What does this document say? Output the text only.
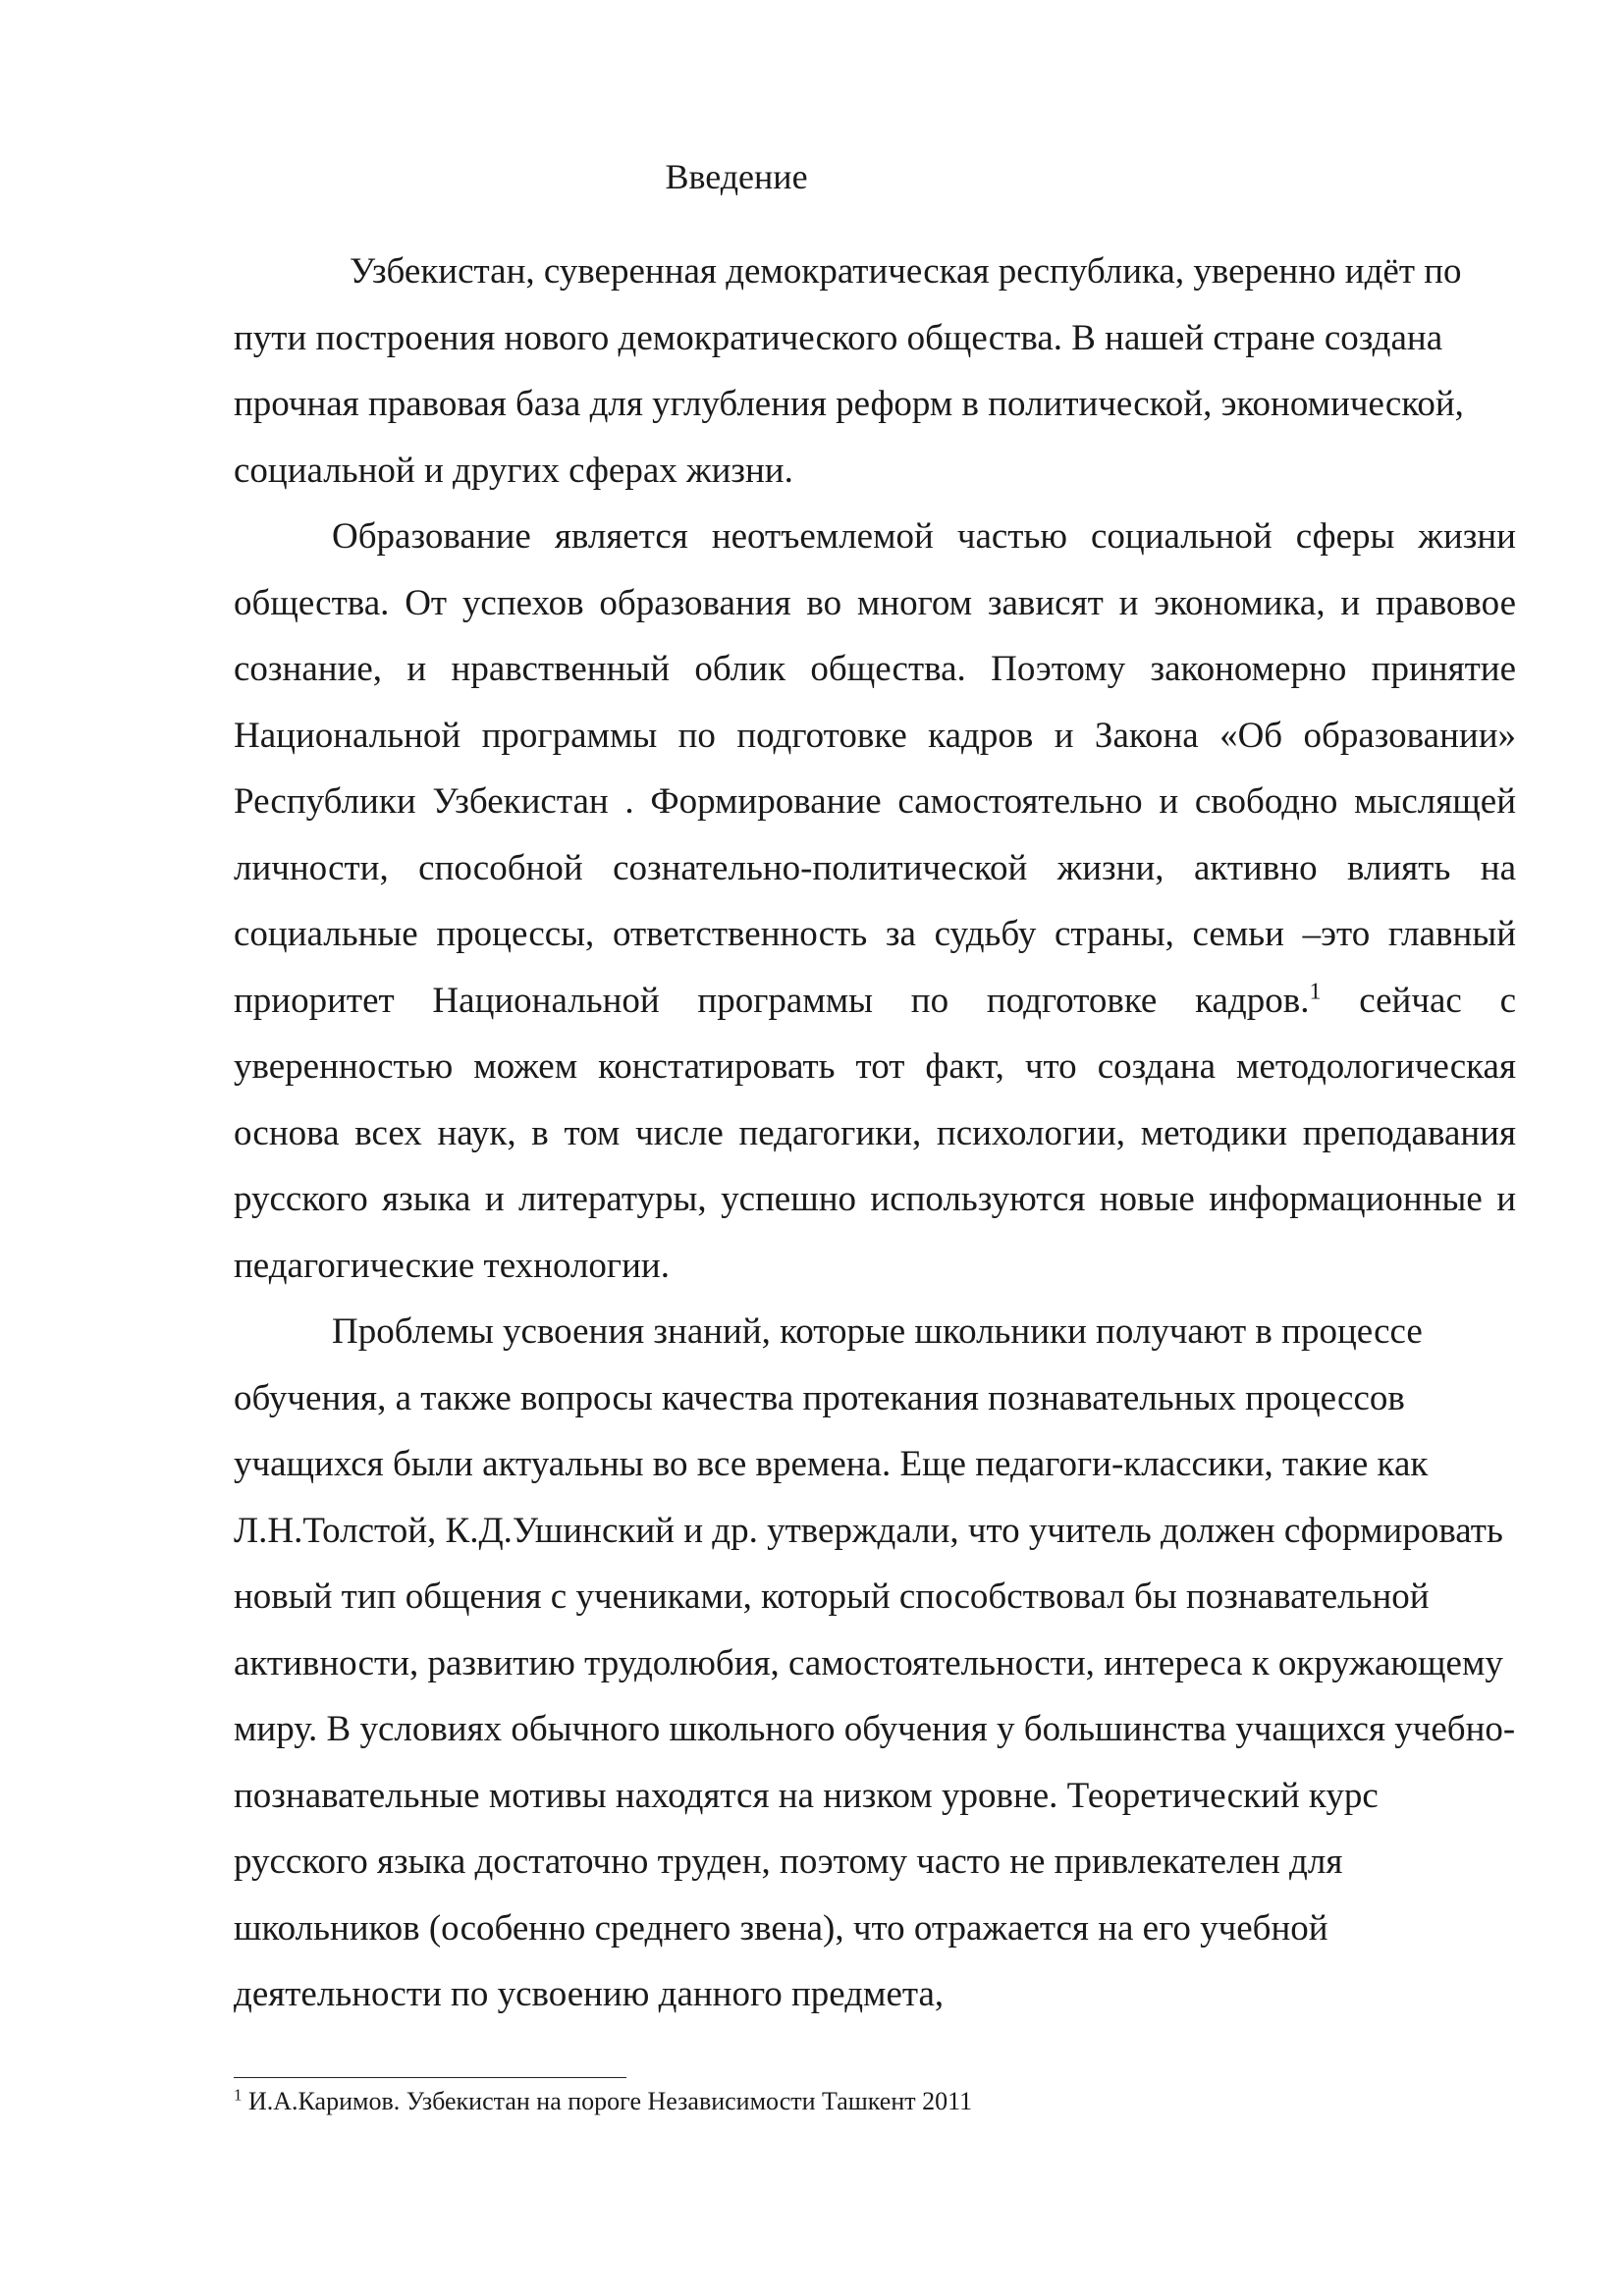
Введение

Узбекистан, суверенная демократическая республика, уверенно идёт по пути построения нового демократического общества. В нашей стране создана прочная правовая база для углубления реформ в политической, экономической, социальной и других сферах жизни.

Образование является неотъемлемой частью социальной сферы жизни общества. От успехов образования во многом зависят и экономика, и правовое сознание, и нравственный облик общества. Поэтому закономерно принятие Национальной программы по подготовке кадров и Закона «Об образовании» Республики Узбекистан . Формирование самостоятельно и свободно мыслящей личности, способной сознательно-политической жизни, активно влиять на социальные процессы, ответственность за судьбу страны, семьи –это главный приоритет Национальной программы по подготовке кадров.$^1$ сейчас с уверенностью можем констатировать тот факт, что создана методологическая основа всех наук, в том числе педагогики, психологии, методики преподавания русского языка и литературы, успешно используются новые информационные и педагогические технологии.

Проблемы усвоения знаний, которые школьники получают в процессе обучения, а также вопросы качества протекания познавательных процессов учащихся были актуальны во все времена. Еще педагоги-классики, такие как Л.Н.Толстой, К.Д.Ушинский и др. утверждали, что учитель должен сформировать новый тип общения с учениками, который способствовал бы познавательной активности, развитию трудолюбия, самостоятельности, интереса к окружающему миру. В условиях обычного школьного обучения у большинства учащихся учебно-познавательные мотивы находятся на низком уровне. Теоретический курс русского языка достаточно труден, поэтому часто не привлекателен для школьников (особенно среднего звена), что отражается на его учебной деятельности по усвоению данного предмета,

$^1$ И.А.Каримов. Узбекистан на пороге Независимости Ташкент 2011
